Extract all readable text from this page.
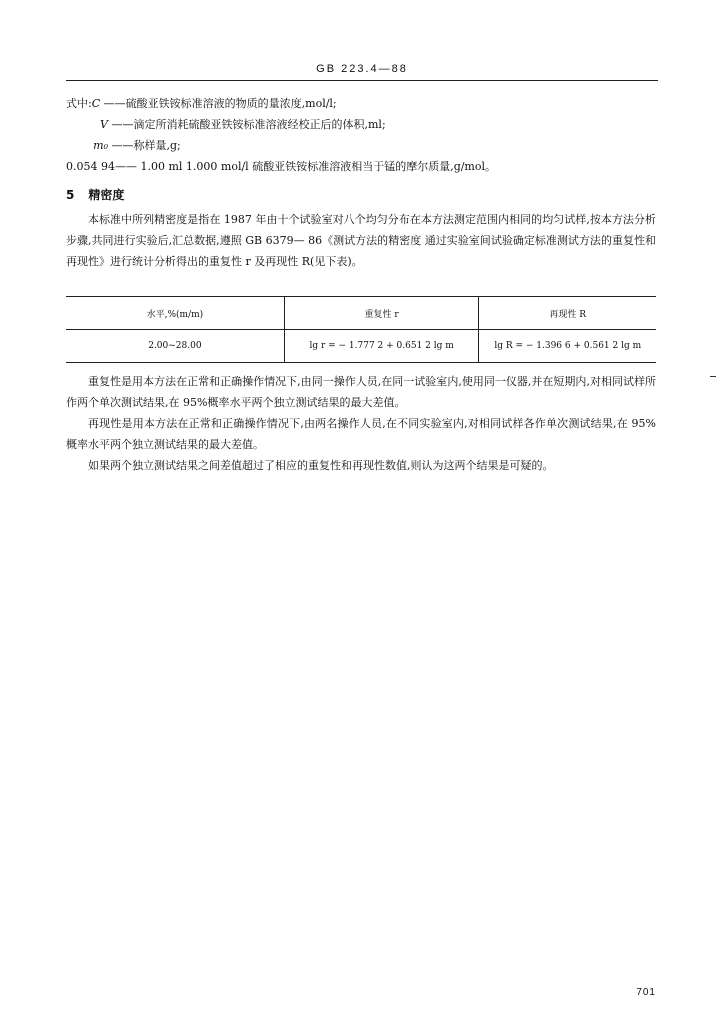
GB 223.4—88
式中:C ——硫酸亚铁铵标准溶液的物质的量浓度,mol/l;
V ——滴定所消耗硫酸亚铁铵标准溶液经校正后的体积,ml;
m₀ ——称样量,g;
0.054 94—— 1.00 ml 1.000 mol/l 硫酸亚铁铵标准溶液相当于锰的摩尔质量,g/mol。
5 精密度
本标准中所列精密度是指在 1987 年由十个试验室对八个均匀分布在本方法测定范围内相同的均匀试样,按本方法分析步骤,共同进行实验后,汇总数据,遵照 GB 6379— 86《测试方法的精密度 通过实验室间试验确定标准测试方法的重复性和再现性》进行统计分析得出的重复性 r 及再现性 R(见下表)。
水平,%(m/m)	重复性 r	再现性 R
2.00~28.00	lg r = − 1.777 2 + 0.651 2 lg m	lg R = − 1.396 6 + 0.561 2 lg m
重复性是用本方法在正常和正确操作情况下,由同一操作人员,在同一试验室内,使用同一仪器,并在短期内,对相同试样所作两个单次测试结果,在 95%概率水平两个独立测试结果的最大差值。
再现性是用本方法在正常和正确操作情况下,由两名操作人员,在不同实验室内,对相同试样各作单次测试结果,在 95%概率水平两个独立测试结果的最大差值。
如果两个独立测试结果之间差值超过了相应的重复性和再现性数值,则认为这两个结果是可疑的。
701
